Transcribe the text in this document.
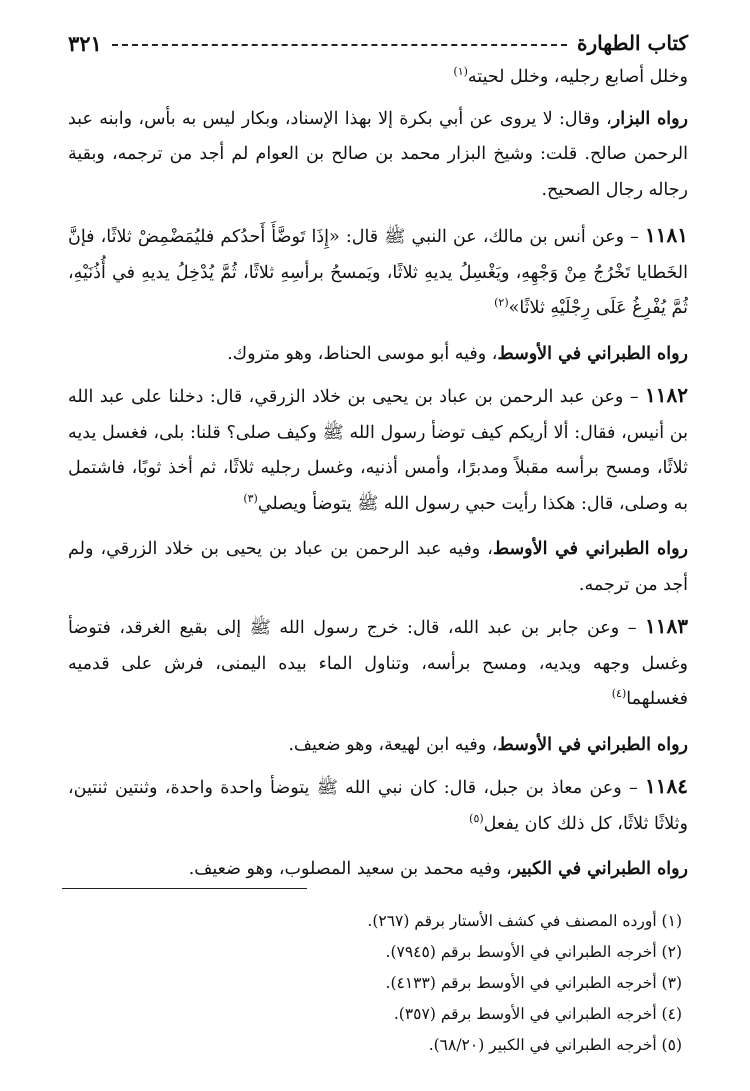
كتاب الطهارة
٣٢١

وخلل أصابع رجليه، وخلل لحيته$^{(١)}$

رواه البزار، وقال: لا يروى عن أبي بكرة إلا بهذا الإسناد، وبكار ليس به بأس، وابنه عبد الرحمن صالح. قلت: وشيخ البزار محمد بن صالح بن العوام لم أجد من ترجمه، وبقية رجاله رجال الصحيح.

١١٨١ – وعن أنس بن مالك، عن النبي ﷺ قال: «إِذَا تَوضَّأَ أَحدُكم فليُمَضْمِضْ ثلاثًا، فإنَّ الخَطايا تَخْرُجُ مِنْ وَجْهِهِ، ويَغْسِلُ يديهِ ثلاثًا، ويَمسحُ برأسِهِ ثلاثًا، ثُمَّ يُدْخِلُ يديهِ في أُذُنَيْهِ، ثُمَّ يُفْرِغُ عَلَى رِجْلَيْهِ ثلاثًا»$^{(٢)}$

رواه الطبراني في الأوسط، وفيه أبو موسى الحناط، وهو متروك.

١١٨٢ – وعن عبد الرحمن بن عباد بن يحيى بن خلاد الزرقي، قال: دخلنا على عبد الله بن أنيس، فقال: ألا أريكم كيف توضأ رسول الله ﷺ وكيف صلى؟ قلنا: بلى، فغسل يديه ثلاثًا، ومسح برأسه مقبلاً ومدبرًا، وأمس أذنيه، وغسل رجليه ثلاثًا، ثم أخذ ثوبًا، فاشتمل به وصلى، قال: هكذا رأيت حبي رسول الله ﷺ يتوضأ ويصلي$^{(٣)}$

رواه الطبراني في الأوسط، وفيه عبد الرحمن بن عباد بن يحيى بن خلاد الزرقي، ولم أجد من ترجمه.

١١٨٣ – وعن جابر بن عبد الله، قال: خرج رسول الله ﷺ إلى بقيع الغرقد، فتوضأ وغسل وجهه ويديه، ومسح برأسه، وتناول الماء بيده اليمنى، فرش على قدميه فغسلهما$^{(٤)}$

رواه الطبراني في الأوسط، وفيه ابن لهيعة، وهو ضعيف.

١١٨٤ – وعن معاذ بن جبل، قال: كان نبي الله ﷺ يتوضأ واحدة واحدة، وثنتين ثنتين، وثلاثًا ثلاثًا، كل ذلك كان يفعل$^{(٥)}$

رواه الطبراني في الكبير، وفيه محمد بن سعيد المصلوب، وهو ضعيف.

(١) أورده المصنف في كشف الأستار برقم (٢٦٧).

(٢) أخرجه الطبراني في الأوسط برقم (٧٩٤٥).

(٣) أخرجه الطبراني في الأوسط برقم (٤١٣٣).

(٤) أخرجه الطبراني في الأوسط برقم (٣٥٧).

(٥) أخرجه الطبراني في الكبير (٦٨/٢٠).
